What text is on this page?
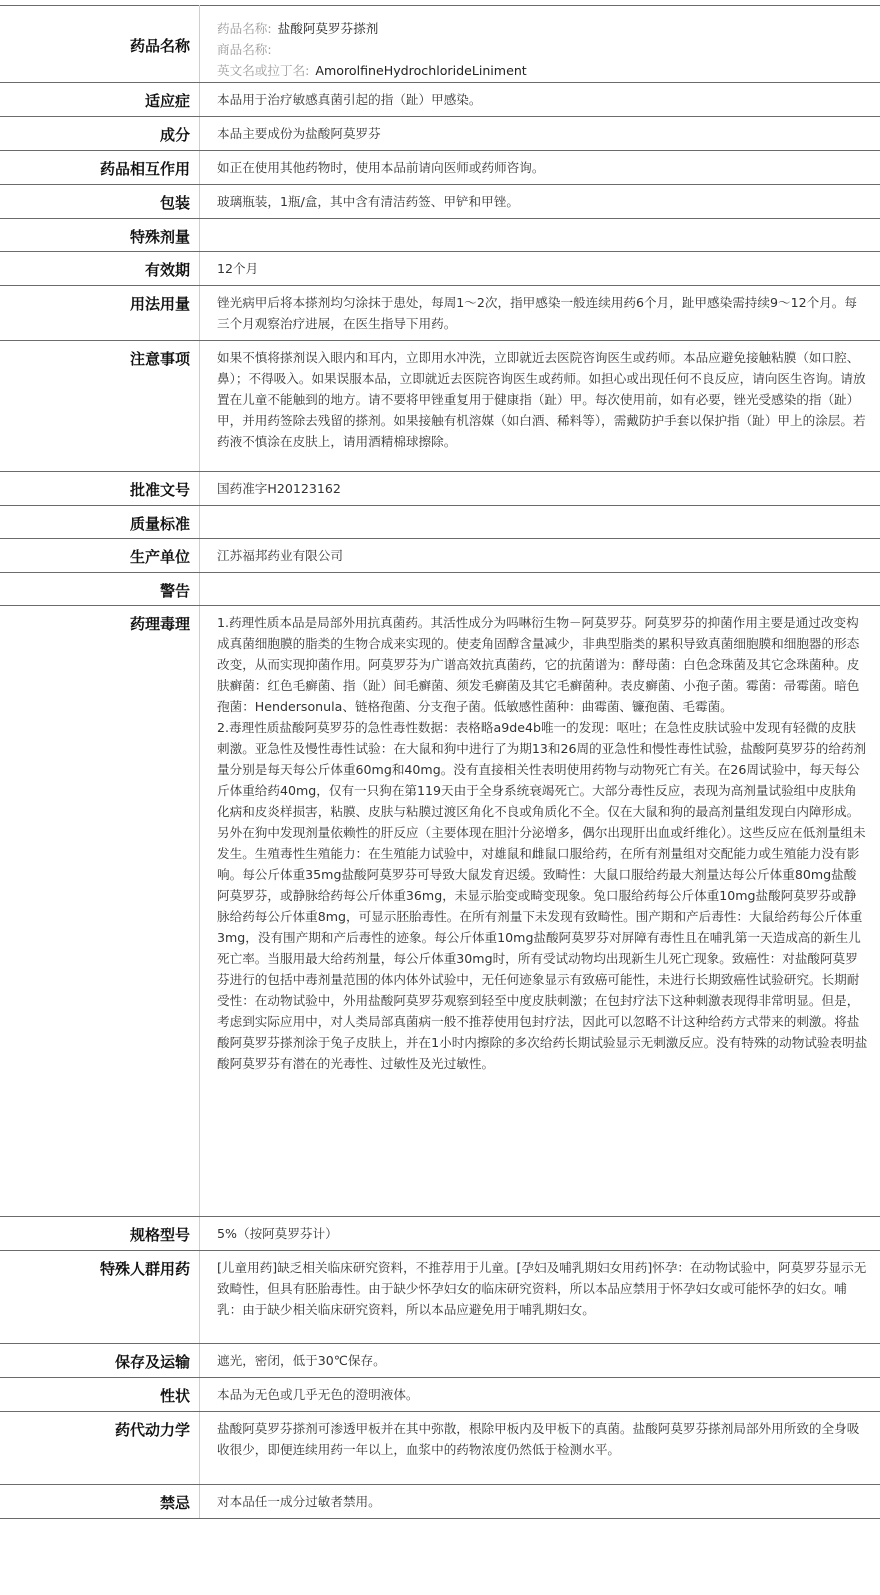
药品名称	药品名称: 盐酸阿莫罗芬搽剂
商品名称:
英文名或拉丁名: AmorolfineHydrochlorideLiniment

适应症	本品用于治疗敏感真菌引起的指（趾）甲感染。

成分	本品主要成份为盐酸阿莫罗芬

药品相互作用	如正在使用其他药物时，使用本品前请向医师或药师咨询。

包装	玻璃瓶装，1瓶/盒，其中含有清洁药签、甲铲和甲锉。

特殊剂量	

有效期	12个月

用法用量	锉光病甲后将本搽剂均匀涂抹于患处，每周1～2次，指甲感染一般连续用药6个月，趾甲感染需持续9～12个月。每三个月观察治疗进展，在医生指导下用药。

注意事项	如果不慎将搽剂误入眼内和耳内，立即用水冲洗，立即就近去医院咨询医生或药师。本品应避免接触粘膜（如口腔、鼻）；不得吸入。如果误服本品，立即就近去医院咨询医生或药师。如担心或出现任何不良反应，请向医生咨询。请放置在儿童不能触到的地方。请不要将甲锉重复用于健康指（趾）甲。每次使用前，如有必要，锉光受感染的指（趾）甲，并用药签除去残留的搽剂。如果接触有机溶媒（如白酒、稀料等），需戴防护手套以保护指（趾）甲上的涂层。若药液不慎涂在皮肤上，请用酒精棉球擦除。

批准文号	国药准字H20123162

质量标准	

生产单位	江苏福邦药业有限公司

警告	

药理毒理	1.药理性质本品是局部外用抗真菌药。其活性成分为吗啉衍生物－阿莫罗芬。阿莫罗芬的抑菌作用主要是通过改变构成真菌细胞膜的脂类的生物合成来实现的。使麦角固醇含量减少，非典型脂类的累积导致真菌细胞膜和细胞器的形态改变，从而实现抑菌作用。阿莫罗芬为广谱高效抗真菌药，它的抗菌谱为：酵母菌：白色念珠菌及其它念珠菌种。皮肤癣菌：红色毛癣菌、指（趾）间毛癣菌、须发毛癣菌及其它毛癣菌种。表皮癣菌、小孢子菌。霉菌：帚霉菌。暗色孢菌：Hendersonula、链格孢菌、分支孢子菌。低敏感性菌种：曲霉菌、镰孢菌、毛霉菌。
2.毒理性质盐酸阿莫罗芬的急性毒性数据：表格略a9de4b唯一的发现：呕吐；在急性皮肤试验中发现有轻微的皮肤刺激。亚急性及慢性毒性试验：在大鼠和狗中进行了为期13和26周的亚急性和慢性毒性试验，盐酸阿莫罗芬的给药剂量分别是每天每公斤体重60mg和40mg。没有直接相关性表明使用药物与动物死亡有关。在26周试验中，每天每公斤体重给药40mg，仅有一只狗在第119天由于全身系统衰竭死亡。大部分毒性反应，表现为高剂量试验组中皮肤角化病和皮炎样损害，粘膜、皮肤与粘膜过渡区角化不良或角质化不全。仅在大鼠和狗的最高剂量组发现白内障形成。另外在狗中发现剂量依赖性的肝反应（主要体现在胆汁分泌增多，偶尔出现肝出血或纤维化）。这些反应在低剂量组未发生。生殖毒性生殖能力：在生殖能力试验中，对雄鼠和雌鼠口服给药，在所有剂量组对交配能力或生殖能力没有影响。每公斤体重35mg盐酸阿莫罗芬可导致大鼠发育迟缓。致畸性：大鼠口服给药最大剂量达每公斤体重80mg盐酸阿莫罗芬，或静脉给药每公斤体重36mg，未显示胎变或畸变现象。兔口服给药每公斤体重10mg盐酸阿莫罗芬或静脉给药每公斤体重8mg，可显示胚胎毒性。在所有剂量下未发现有致畸性。围产期和产后毒性：大鼠给药每公斤体重3mg，没有围产期和产后毒性的迹象。每公斤体重10mg盐酸阿莫罗芬对屏障有毒性且在哺乳第一天造成高的新生儿死亡率。当服用最大给药剂量，每公斤体重30mg时，所有受试动物均出现新生儿死亡现象。致癌性：对盐酸阿莫罗芬进行的包括中毒剂量范围的体内体外试验中，无任何迹象显示有致癌可能性，未进行长期致癌性试验研究。长期耐受性：在动物试验中，外用盐酸阿莫罗芬观察到轻至中度皮肤刺激；在包封疗法下这种刺激表现得非常明显。但是，考虑到实际应用中，对人类局部真菌病一般不推荐使用包封疗法，因此可以忽略不计这种给药方式带来的刺激。将盐酸阿莫罗芬搽剂涂于兔子皮肤上，并在1小时内擦除的多次给药长期试验显示无刺激反应。没有特殊的动物试验表明盐酸阿莫罗芬有潜在的光毒性、过敏性及光过敏性。

规格型号	5%（按阿莫罗芬计）

特殊人群用药	[儿童用药]缺乏相关临床研究资料，不推荐用于儿童。[孕妇及哺乳期妇女用药]怀孕：在动物试验中，阿莫罗芬显示无致畸性，但具有胚胎毒性。由于缺少怀孕妇女的临床研究资料，所以本品应禁用于怀孕妇女或可能怀孕的妇女。哺乳：由于缺少相关临床研究资料，所以本品应避免用于哺乳期妇女。

保存及运输	遮光，密闭，低于30℃保存。

性状	本品为无色或几乎无色的澄明液体。

药代动力学	盐酸阿莫罗芬搽剂可渗透甲板并在其中弥散，根除甲板内及甲板下的真菌。盐酸阿莫罗芬搽剂局部外用所致的全身吸收很少，即便连续用药一年以上，血浆中的药物浓度仍然低于检测水平。

禁忌	对本品任一成分过敏者禁用。
